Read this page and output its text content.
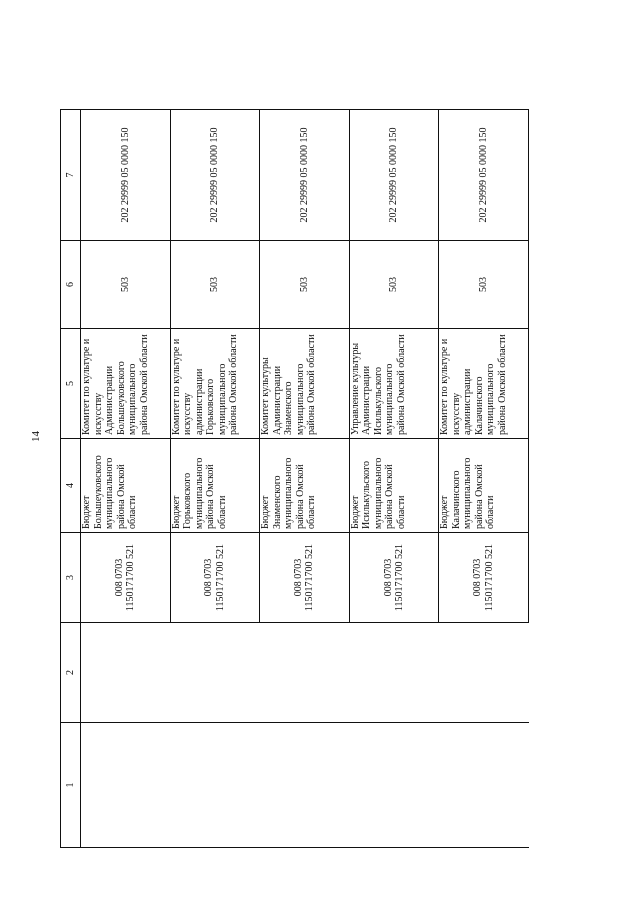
14
1	2	3	4	5	6	7
		008 0703 1150171700 521	Бюджет Большеуковского муниципального района Омской области	Комитет по культуре и искусству Администрации Большеуковского муниципального района Омской области	503	202 29999 05 0000 150
		008 0703 1150171700 521	Бюджет Горьковского муниципального района Омской области	Комитет по культуре и искусству администрации Горьковского муниципального района Омской области	503	202 29999 05 0000 150
		008 0703 1150171700 521	Бюджет Знаменского муниципального района Омской области	Комитет культуры Администрации Знаменского муниципального района Омской области	503	202 29999 05 0000 150
		008 0703 1150171700 521	Бюджет Исилькульского муниципального района Омской области	Управление культуры Администрации Исилькульского муниципального района Омской области	503	202 29999 05 0000 150
		008 0703 1150171700 521	Бюджет Калачинского муниципального района Омской области	Комитет по культуре и искусству администрации Калачинского муниципального района Омской области	503	202 29999 05 0000 150
